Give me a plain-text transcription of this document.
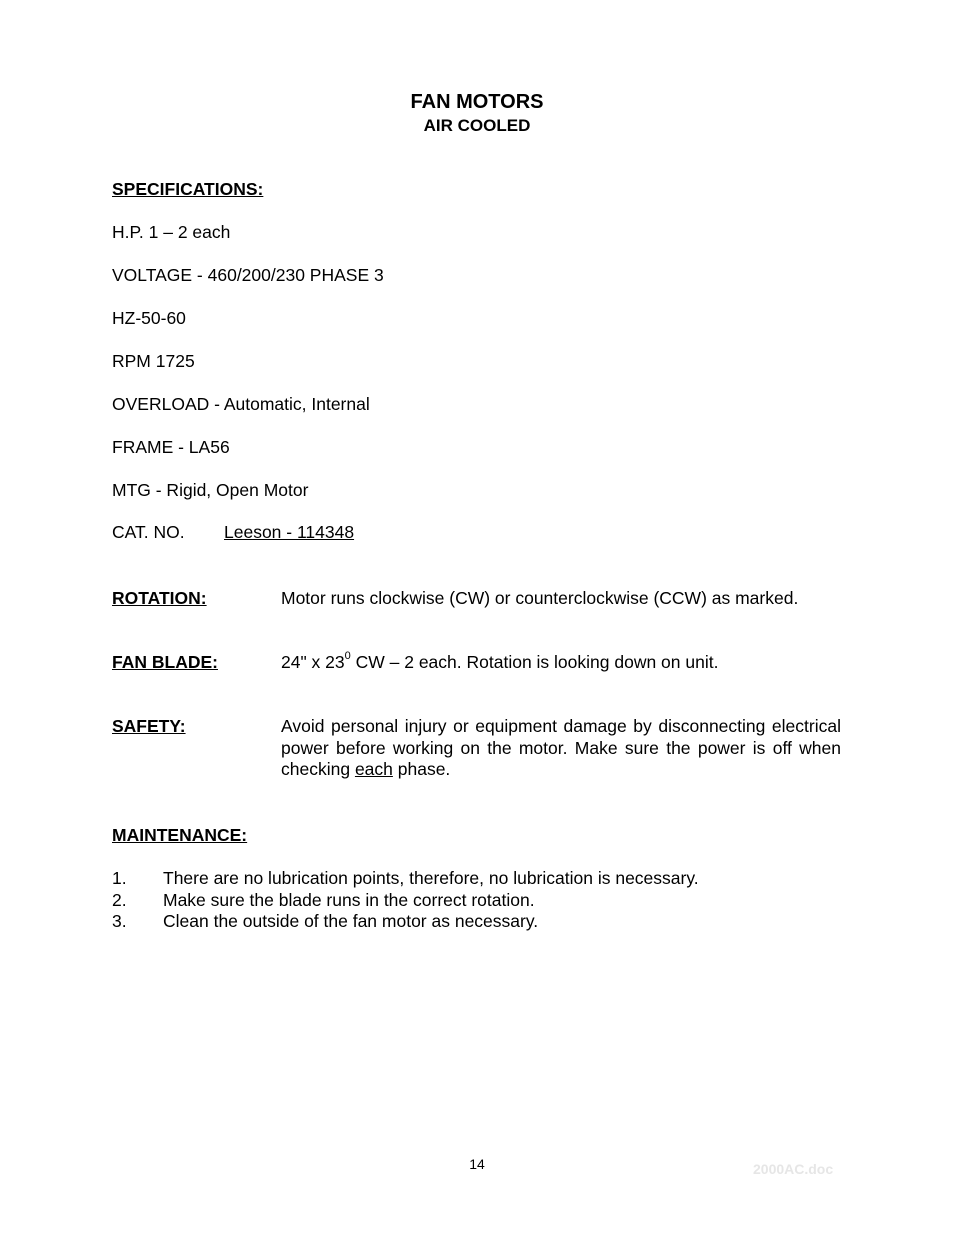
FAN MOTORS
AIR COOLED
SPECIFICATIONS:
H.P. 1 – 2 each
VOLTAGE - 460/200/230 PHASE 3
HZ-50-60
RPM 1725
OVERLOAD - Automatic, Internal
FRAME - LA56
MTG - Rigid, Open Motor
CAT. NO. Leeson - 114348
ROTATION:	Motor runs clockwise (CW) or counterclockwise (CCW) as marked.
FAN BLADE:	24" x $23^0$ CW – 2 each. Rotation is looking down on unit.
SAFETY:	Avoid personal injury or equipment damage by disconnecting electrical power before working on the motor. Make sure the power is off when checking each phase.
MAINTENANCE:
1. There are no lubrication points, therefore, no lubrication is necessary.
2. Make sure the blade runs in the correct rotation.
3. Clean the outside of the fan motor as necessary.
14	2000AC.doc
